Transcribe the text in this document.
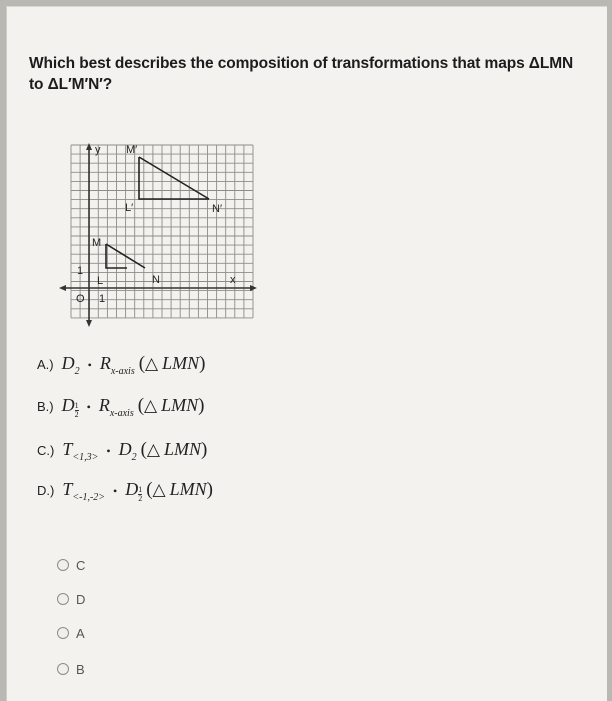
Which best describes the composition of transformations that maps ΔLMN to ΔL′M′N′?
y M′
L′	N′
M
L	N	x
O 1
1
A.) $D_2$ • $R_{x-axis}$ (△ LMN)
B.) D $\frac{1}{2}$ • $R_{x-axis}$ (△ LMN)
C.) $T_{<1,3>}$ • $D_2$ (△ LMN)
D.) $T_{<-1,-2>}$ • D $\frac{1}{2}$ (△ LMN)
C
D
A
B
